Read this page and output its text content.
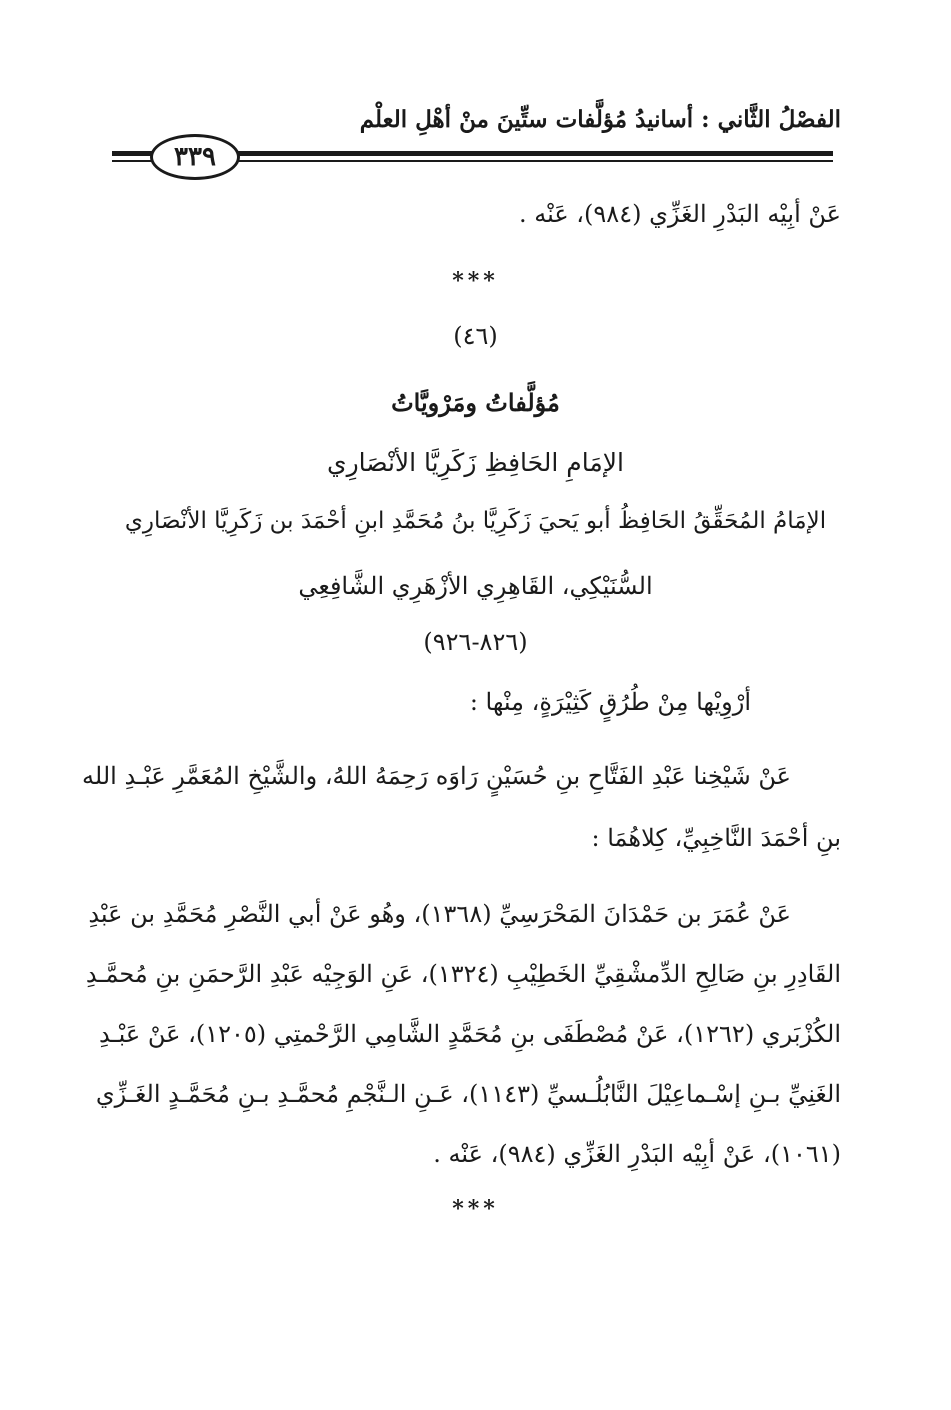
الفصْلُ الثَّاني : أسانيدُ مُؤلَّفات ستِّينَ منْ أهْلِ العلْم
٣٣٩
عَنْ أبِيْه البَدْرِ الغَزِّي (٩٨٤)، عَنْه .
***
(٤٦)
مُؤلَّفاتُ ومَرْويَّاتُ
الإمَامِ الحَافِظِ زَكَرِيَّا الأنْصَارِي
الإمَامُ المُحَقِّقُ الحَافِظُ أبو يَحيَ زَكَرِيَّا بنُ مُحَمَّدِ ابنِ أحْمَدَ بن زَكَرِيَّا الأنْصَارِي
السُّنَيْكِي، القَاهِرِي الأزْهَرِي الشَّافِعِي
(٨٢٦-٩٢٦)
أرْوِيْها مِنْ طُرُقٍ كَثِيْرَةٍ، مِنْها :
عَنْ شَيْخِنا عَبْدِ الفَتَّاحِ بنِ حُسَيْنٍ رَاوَه رَحِمَهُ اللهُ، والشَّيْخِ المُعَمَّرِ عَبْـدِ الله
بنِ أحْمَدَ النَّاخِبِيِّ، كِلاهُمَا :
عَنْ عُمَرَ بن حَمْدَانَ المَحْرَسِيِّ (١٣٦٨)، وهُو عَنْ أبي النَّصْرِ مُحَمَّدِ بن عَبْدِ
القَادِرِ بنِ صَالِحِ الدِّمشْقِيِّ الخَطِيْبِ (١٣٢٤)، عَنِ الوَجِيْه عَبْدِ الرَّحمَنِ بنِ مُحمَّـدِ
الكُزْبَري (١٢٦٢)، عَنْ مُصْطَفَى بنِ مُحَمَّدٍ الشَّامِي الرَّحْمتِي (١٢٠٥)، عَنْ عَبْـدِ
الغَنِيِّ بـنِ إسْـماعِيْلَ النَّابُلُـسيِّ (١١٤٣)، عَـنِ الـنَّجْمِ مُحمَّـدِ بـنِ مُحَمَّـدٍ الغَـزِّي
(١٠٦١)، عَنْ أبِيْه البَدْرِ الغَزِّي (٩٨٤)، عَنْه .
***
